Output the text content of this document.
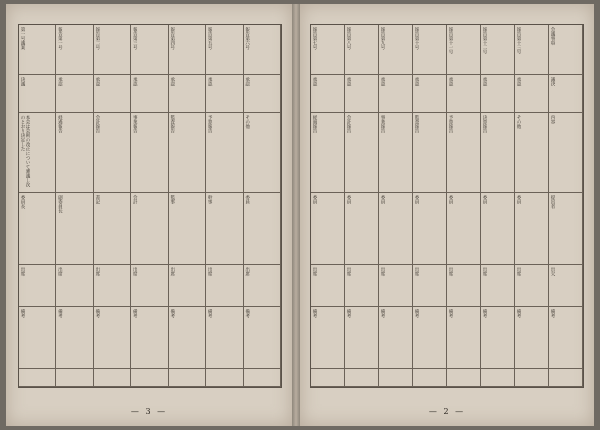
第一号議案	報告第一号	報告第二号	報告第三号	報告第四号	報告第五号	報告第六号
決議	承認	承認	承認	承認	承認	承認
本会は会則の改正について審議し次のとおり決定した	経過報告	会計報告	事業報告	監査報告	予算報告	その他
委員長	副委員長	書記	会計	監事	幹事	委員
出席	出席	出席	出席	出席	出席	出席
備考	備考	備考	備考	備考	備考	備考
— 3 —
報告第七号	報告第八号	報告第九号	報告第十号	報告第十一号	報告第十二号	報告第十三号	会議事項
承認	承認	承認	承認	承認	承認	承認	議決
経過報告	会計報告	事業報告	監査報告	予算報告	決算報告	その他	内容
委員	委員	委員	委員	委員	委員	委員	提出者
出席	出席	出席	出席	出席	出席	出席	出欠
備考	備考	備考	備考	備考	備考	備考	備考
— 2 —
